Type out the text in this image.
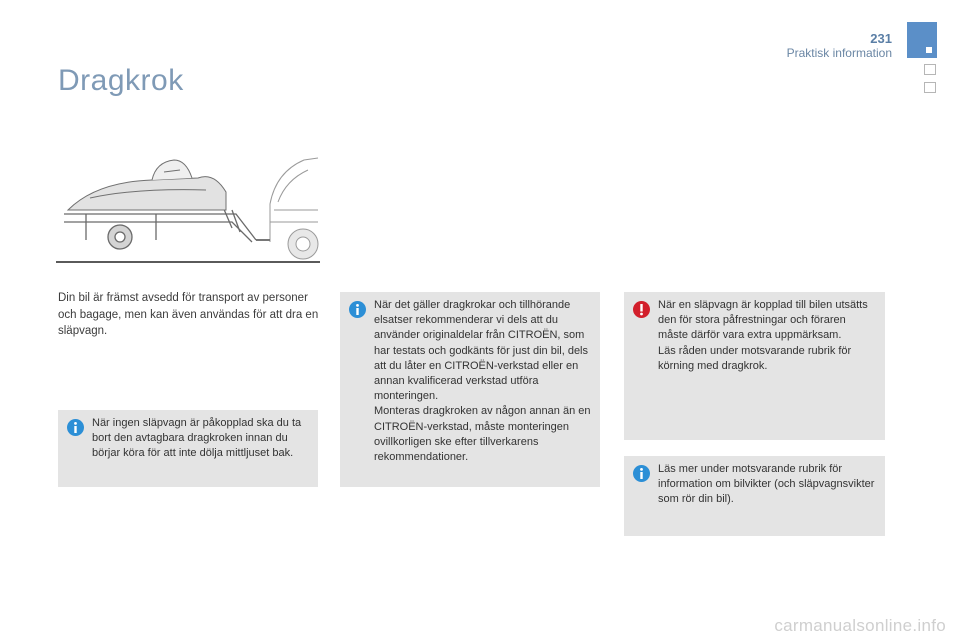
231
Praktisk information
Dragkrok

Din bil är främst avsedd för transport av personer och bagage, men kan även användas för att dra en släpvagn.

När ingen släpvagn är påkopplad ska du ta bort den avtagbara dragkroken innan du börjar köra för att inte dölja mittljuset bak.

När det gäller dragkrokar och tillhörande elsatser rekommenderar vi dels att du använder originaldelar från CITROËN, som har testats och godkänts för just din bil, dels att du låter en CITROËN-verkstad eller en annan kvalificerad verkstad utföra monteringen.
Monteras dragkroken av någon annan än en CITROËN-verkstad, måste monteringen ovillkorligen ske efter tillverkarens rekommendationer.

När en släpvagn är kopplad till bilen utsätts den för stora påfrestningar och föraren måste därför vara extra uppmärksam.
Läs råden under motsvarande rubrik för körning med dragkrok.

Läs mer under motsvarande rubrik för information om bilvikter (och släpvagnsvikter som rör din bil).

carmanualsonline.info
